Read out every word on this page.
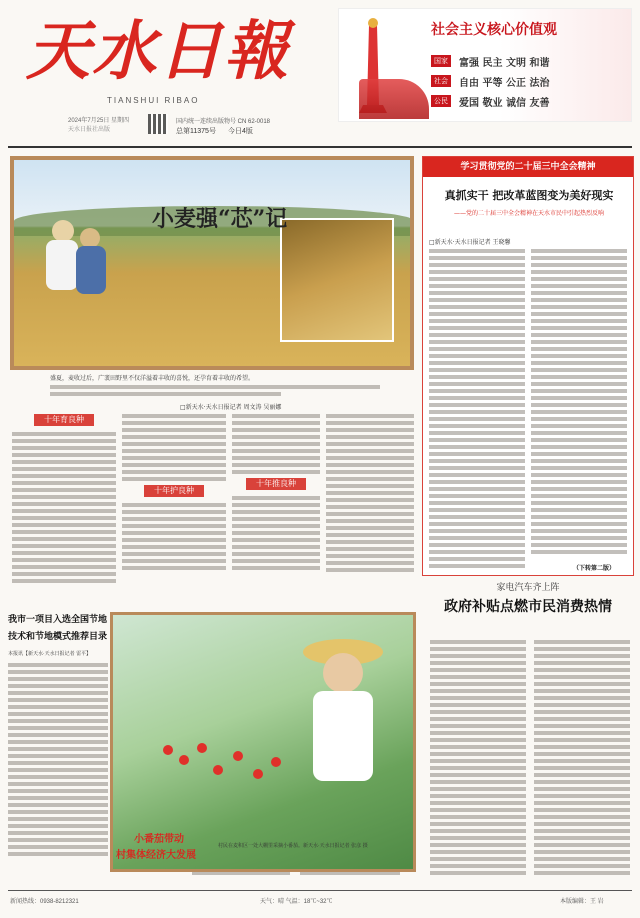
天水日報
TIANSHUI RIBAO
2024年7月25日 星期四
天水日报社出版
国内统一连续出版物号 CN 62-0018
总第11375号 今日4版
社会主义核心价值观
国家	富强 民主 文明 和谐
社会	自由 平等 公正 法治
公民	爱国 敬业 诚信 友善
小麦强“芯”记
盛夏，麦收过后，广袤田野里不仅洋溢着丰收的喜悦，还孕育着丰收的希望。
□新天水·天水日报记者 周文涛 吴丽娜
十年育良种
十年护良种
十年推良种
学习贯彻党的二十届三中全会精神
真抓实干 把改革蓝图变为美好现实
——党的二十届三中全会精神在天水市民中引起热烈反响
□新天水·天水日报记者 王晓馨
（下转第二版）
家电汽车齐上阵
政府补贴点燃市民消费热情
我市一项目入选全国节地
技术和节地模式推荐目录
本报讯【新天水·天水日报记者 雷平】
小番茄带动
村集体经济大发展
村民在麦积区一处大棚里采摘小番茄。新天水·天水日报记者 张彦 摄
新闻热线：0938-8212321	天气：晴 气温：18℃~32℃	本版编辑：王 岩
